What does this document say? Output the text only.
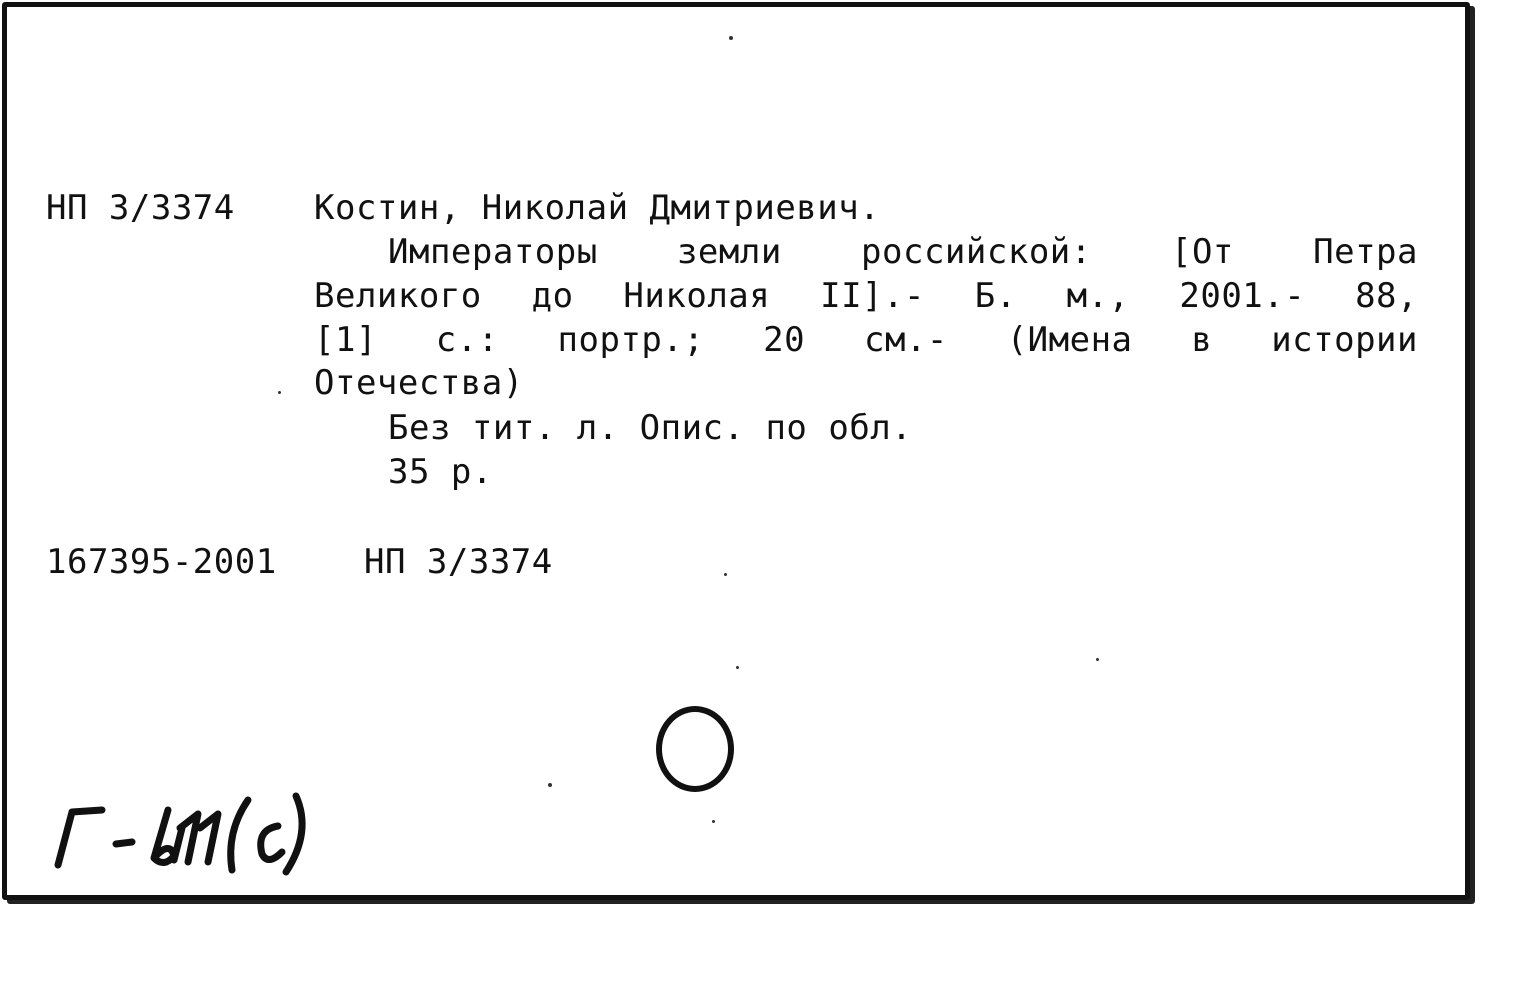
НП 3/3374 Костин, Николай Дмитриевич.
Императоры земли российской: [От Петра
Великого до Николая II].- Б. м., 2001.- 88,
[1] с.: портр.; 20 см.- (Имена в истории
Отечества)
Без тит. л. Опис. по обл.
35 р.
167395-2001	НП 3/3374
